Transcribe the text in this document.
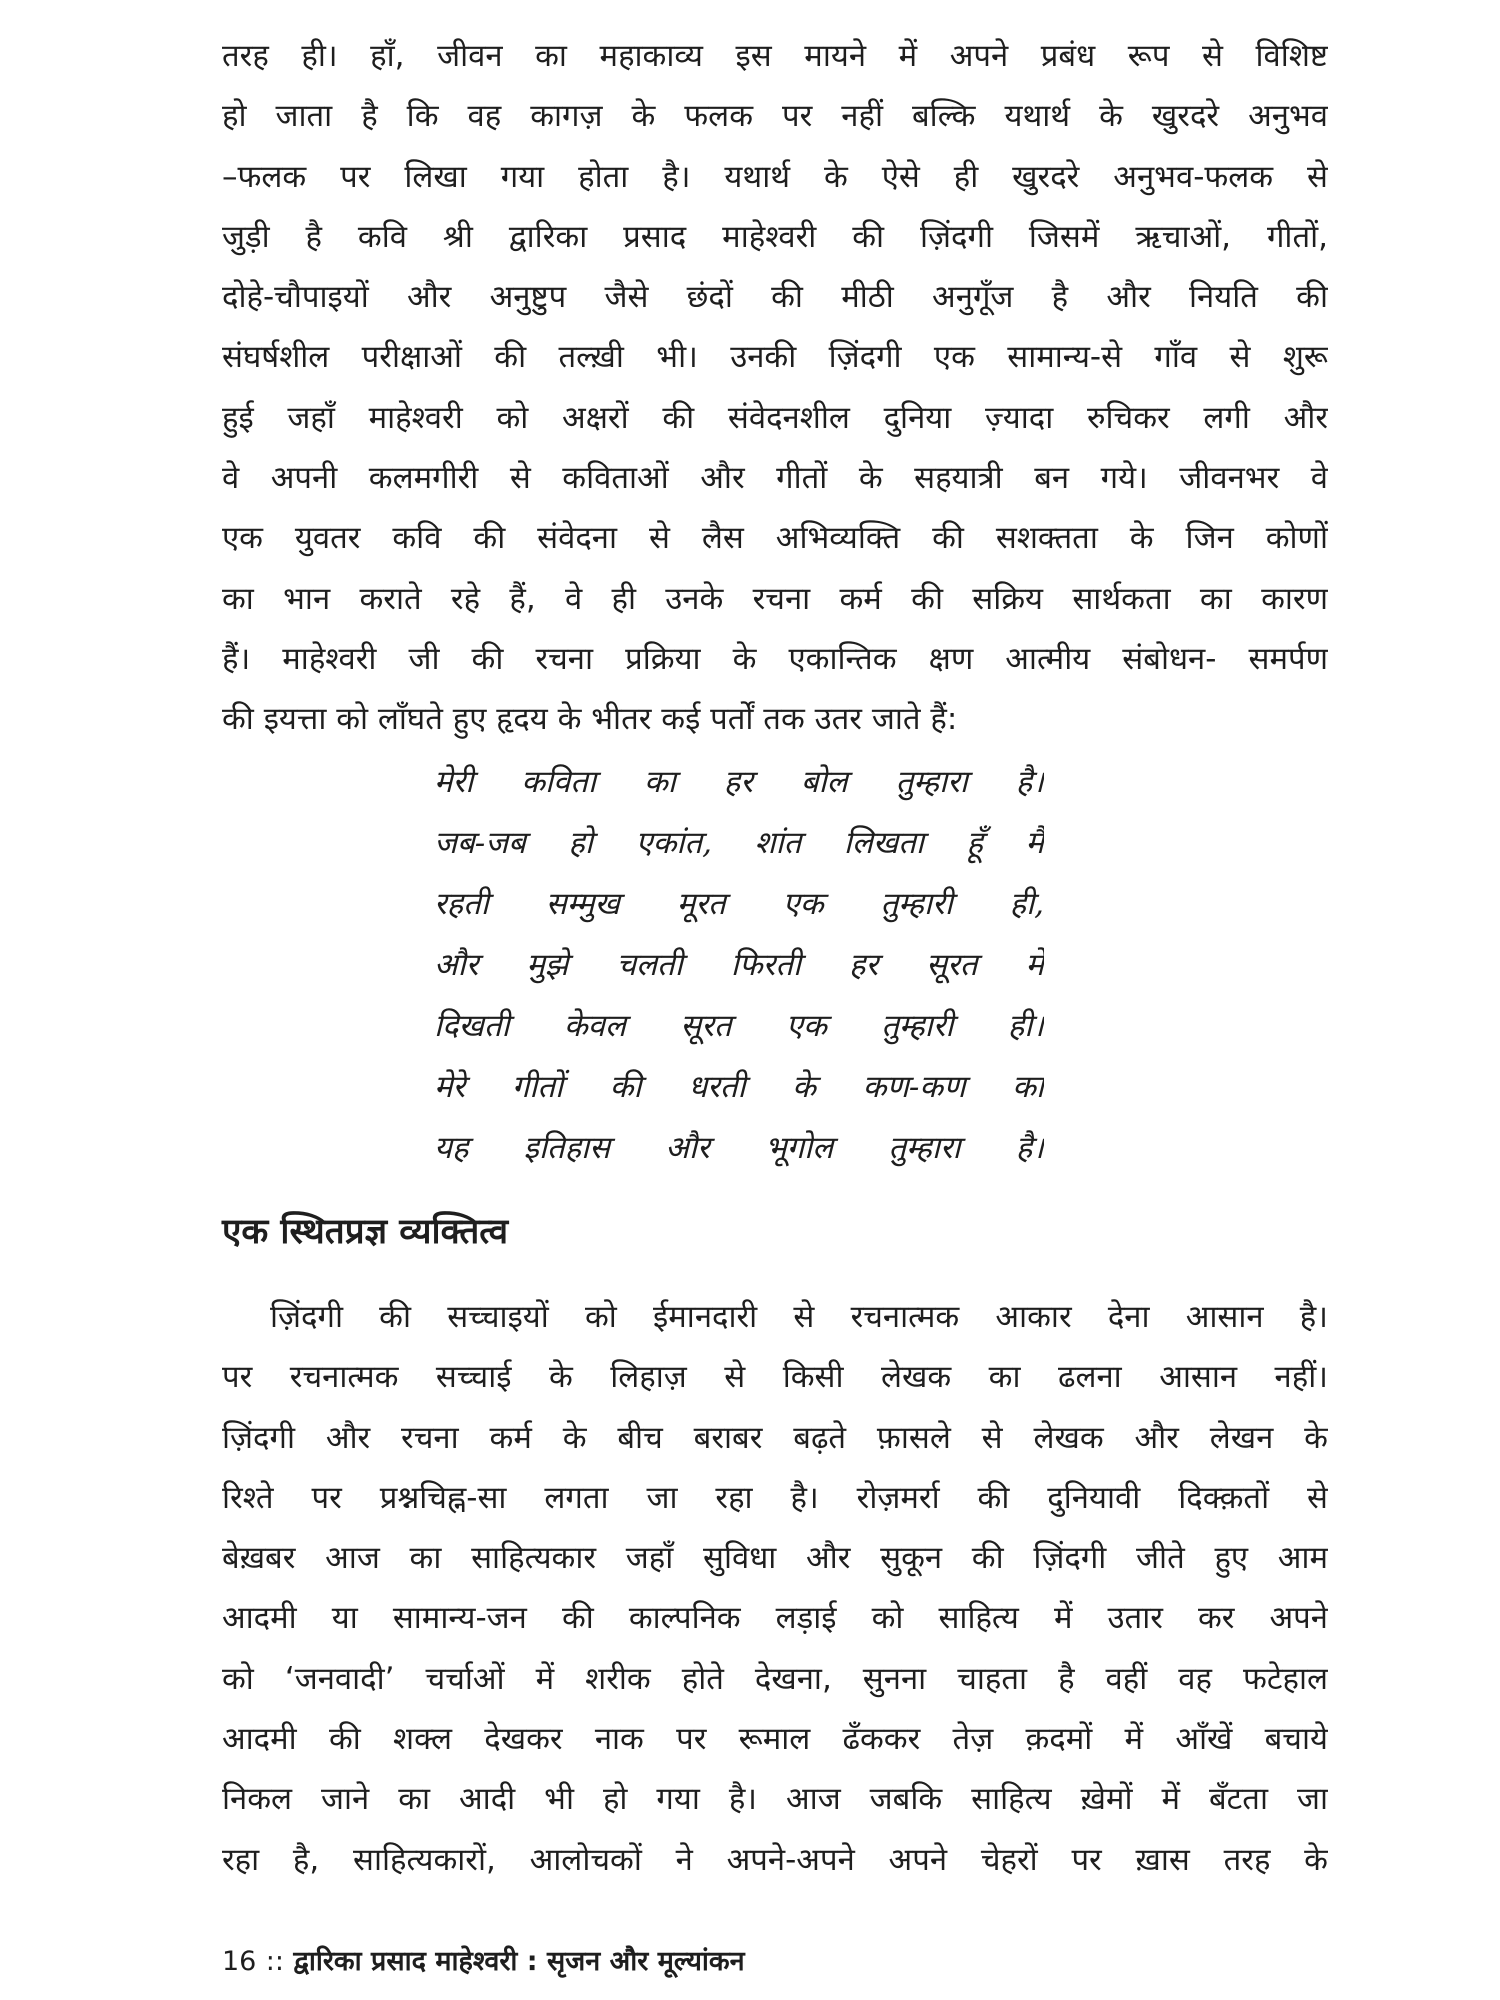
तरह ही। हाँ, जीवन का महाकाव्य इस मायने में अपने प्रबंध रूप से विशिष्ट
हो जाता है कि वह कागज़ के फलक पर नहीं बल्कि यथार्थ के खुरदरे अनुभव
–फलक पर लिखा गया होता है। यथार्थ के ऐसे ही खुरदरे अनुभव-फलक से
जुड़ी है कवि श्री द्वारिका प्रसाद माहेश्वरी की ज़िंदगी जिसमें ऋचाओं, गीतों,
दोहे-चौपाइयों और अनुष्टुप जैसे छंदों की मीठी अनुगूँज है और नियति की
संघर्षशील परीक्षाओं की तल्ख़ी भी। उनकी ज़िंदगी एक सामान्य-से गाँव से शुरू
हुई जहाँ माहेश्वरी को अक्षरों की संवेदनशील दुनिया ज़्यादा रुचिकर लगी और
वे अपनी कलमगीरी से कविताओं और गीतों के सहयात्री बन गये। जीवनभर वे
एक युवतर कवि की संवेदना से लैस अभिव्यक्ति की सशक्तता के जिन कोणों
का भान कराते रहे हैं, वे ही उनके रचना कर्म की सक्रिय सार्थकता का कारण
हैं। माहेश्वरी जी की रचना प्रक्रिया के एकान्तिक क्षण आत्मीय संबोधन- समर्पण
की इयत्ता को लाँघते हुए हृदय के भीतर कई पर्तों तक उतर जाते हैं:
मेरी कविता का हर बोल तुम्हारा है।
जब-जब हो एकांत, शांत लिखता हूँ मैं
रहती सम्मुख मूरत एक तुम्हारी ही,
और मुझे चलती फिरती हर सूरत में
दिखती केवल सूरत एक तुम्हारी ही।
मेरे गीतों की धरती के कण-कण का
यह इतिहास और भूगोल तुम्हारा है।
एक स्थितप्रज्ञ व्यक्तित्व
ज़िंदगी की सच्चाइयों को ईमानदारी से रचनात्मक आकार देना आसान है।
पर रचनात्मक सच्चाई के लिहाज़ से किसी लेखक का ढलना आसान नहीं।
ज़िंदगी और रचना कर्म के बीच बराबर बढ़ते फ़ासले से लेखक और लेखन के
रिश्ते पर प्रश्नचिह्न-सा लगता जा रहा है। रोज़मर्रा की दुनियावी दिक्क़तों से
बेख़बर आज का साहित्यकार जहाँ सुविधा और सुकून की ज़िंदगी जीते हुए आम
आदमी या सामान्य-जन की काल्पनिक लड़ाई को साहित्य में उतार कर अपने
को ‘जनवादी’ चर्चाओं में शरीक होते देखना, सुनना चाहता है वहीं वह फटेहाल
आदमी की शक्ल देखकर नाक पर रूमाल ढँककर तेज़ क़दमों में आँखें बचाये
निकल जाने का आदी भी हो गया है। आज जबकि साहित्य ख़ेमों में बँटता जा
रहा है, साहित्यकारों, आलोचकों ने अपने-अपने अपने चेहरों पर ख़ास तरह के
16 :: द्वारिका प्रसाद माहेश्वरी : सृजन और मूल्यांकन
